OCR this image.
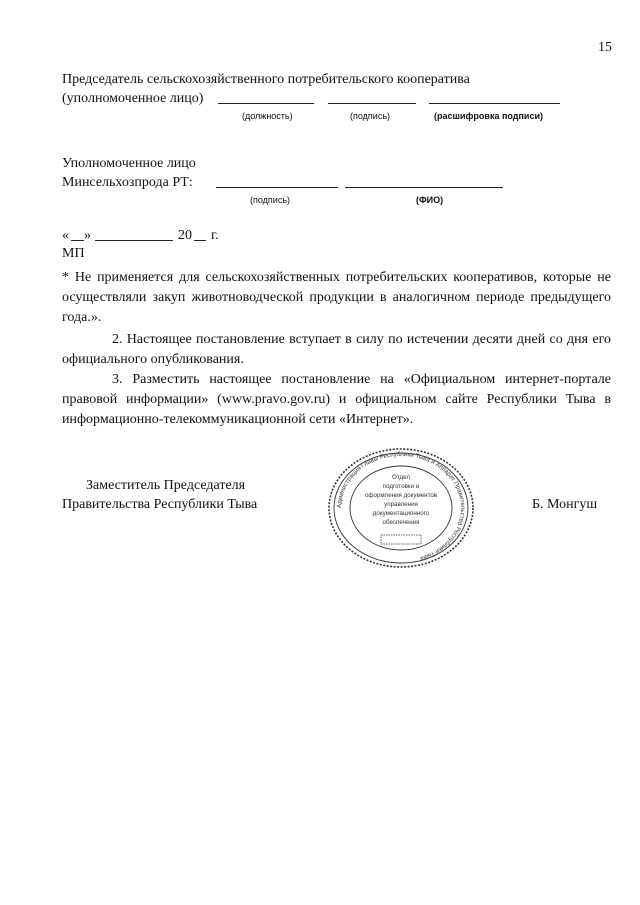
15
Председатель сельскохозяйственного потребительского кооператива
(уполномоченное лицо)
(должность)	(подпись)	(расшифровка подписи)
Уполномоченное лицо
Минсельхозпрода РТ:
(подпись)	(ФИО)
« »	20 г.
МП
* Не применяется для сельскохозяйственных потребительских кооперативов, которые не осуществляли закуп животноводческой продукции в аналогичном периоде предыдущего года.».
2. Настоящее постановление вступает в силу по истечении десяти дней со дня его официального опубликования.
3. Разместить настоящее постановление на «Официальном интернет-портале правовой информации» (www.pravo.gov.ru) и официальном сайте Республики Тыва в информационно-телекоммуникационной сети «Интернет».
Заместитель Председателя
Правительства Республики Тыва	Б. Монгуш
Администрация Главы Республики Тыва и Аппарат Правительства Республики Тыва
Отдел
подготовки и
оформления документов
управления
документационного
обеспечения
